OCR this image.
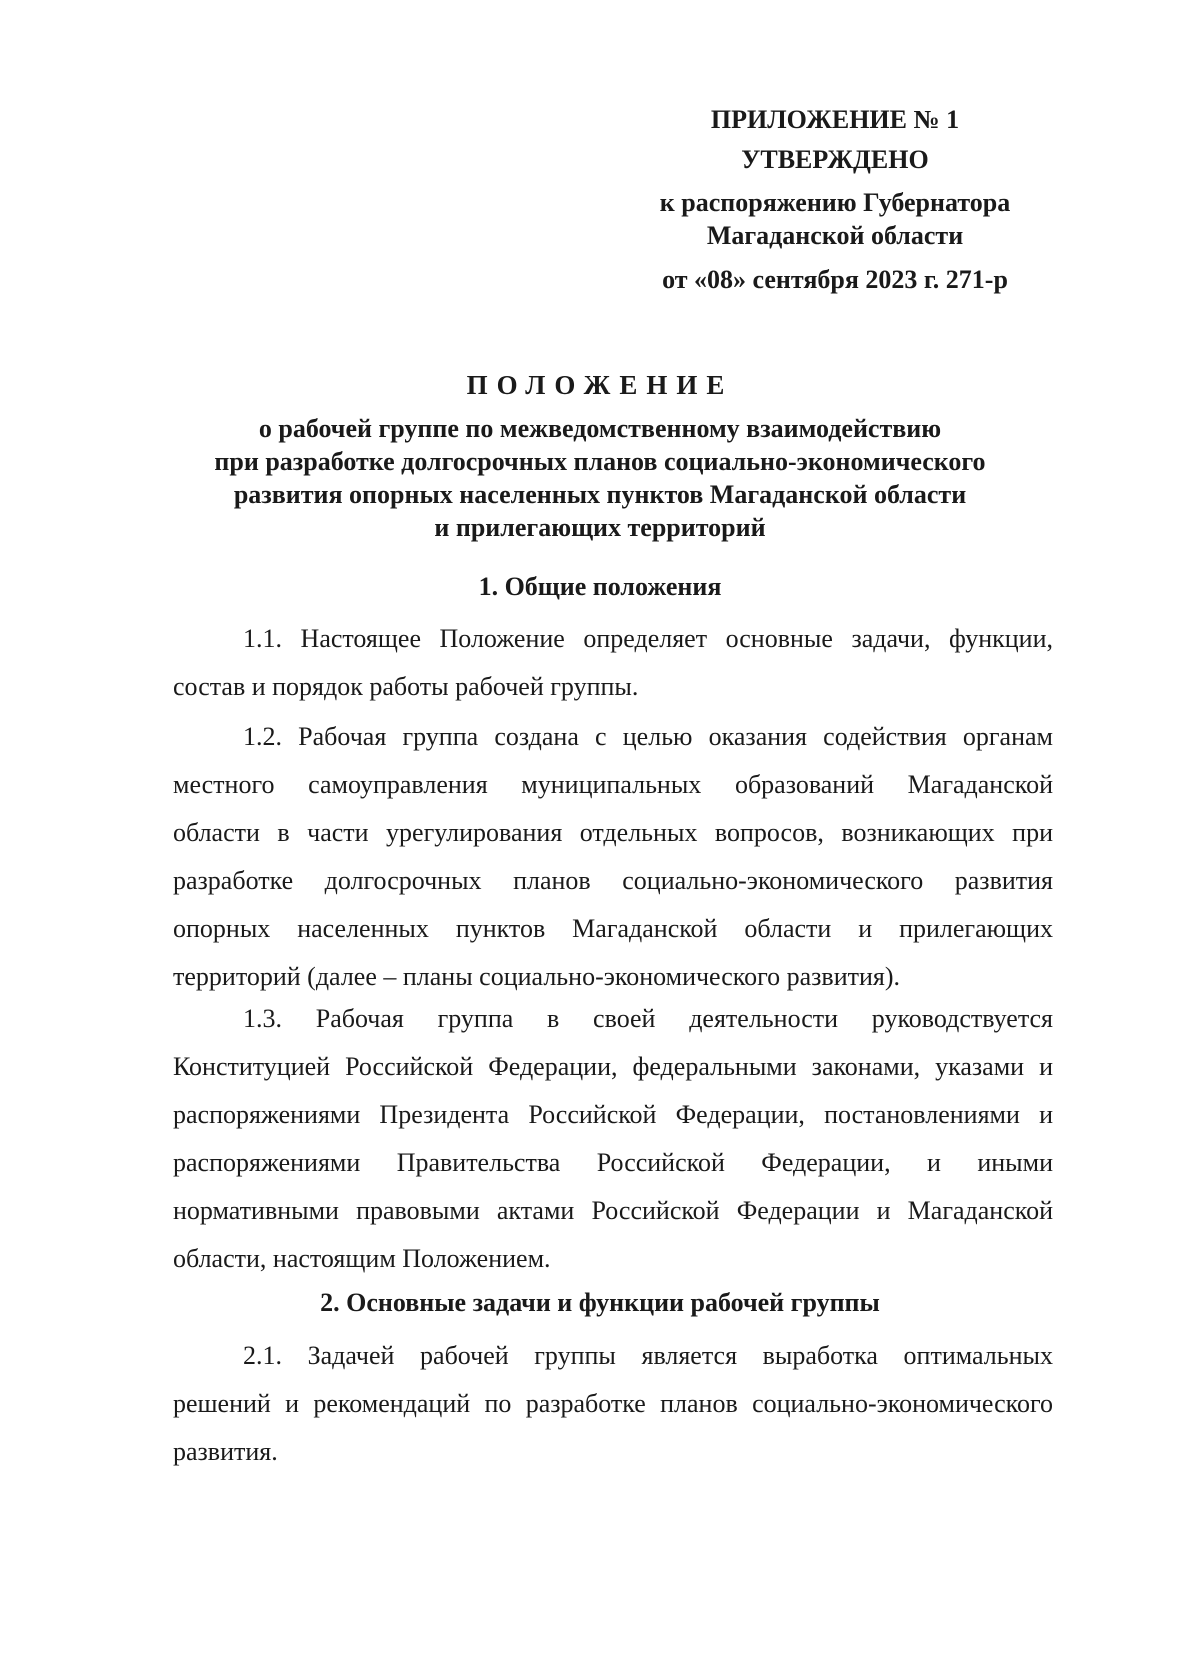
ПРИЛОЖЕНИЕ № 1
УТВЕРЖДЕНО
к распоряжению Губернатора
Магаданской области
от «08» сентября 2023 г. 271-р
ПОЛОЖЕНИЕ
о рабочей группе по межведомственному взаимодействию
при разработке долгосрочных планов социально-экономического
развития опорных населенных пунктов Магаданской области
и прилегающих территорий
1. Общие положения
1.1. Настоящее Положение определяет основные задачи, функции,
состав и порядок работы рабочей группы.
1.2. Рабочая группа создана с целью оказания содействия органам
местного самоуправления муниципальных образований Магаданской
области в части урегулирования отдельных вопросов, возникающих при
разработке долгосрочных планов социально-экономического развития
опорных населенных пунктов Магаданской области и прилегающих
территорий (далее – планы социально-экономического развития).
1.3. Рабочая группа в своей деятельности руководствуется
Конституцией Российской Федерации, федеральными законами, указами и
распоряжениями Президента Российской Федерации, постановлениями и
распоряжениями Правительства Российской Федерации, и иными
нормативными правовыми актами Российской Федерации и Магаданской
области, настоящим Положением.
2. Основные задачи и функции рабочей группы
2.1. Задачей рабочей группы является выработка оптимальных
решений и рекомендаций по разработке планов социально-экономического
развития.
